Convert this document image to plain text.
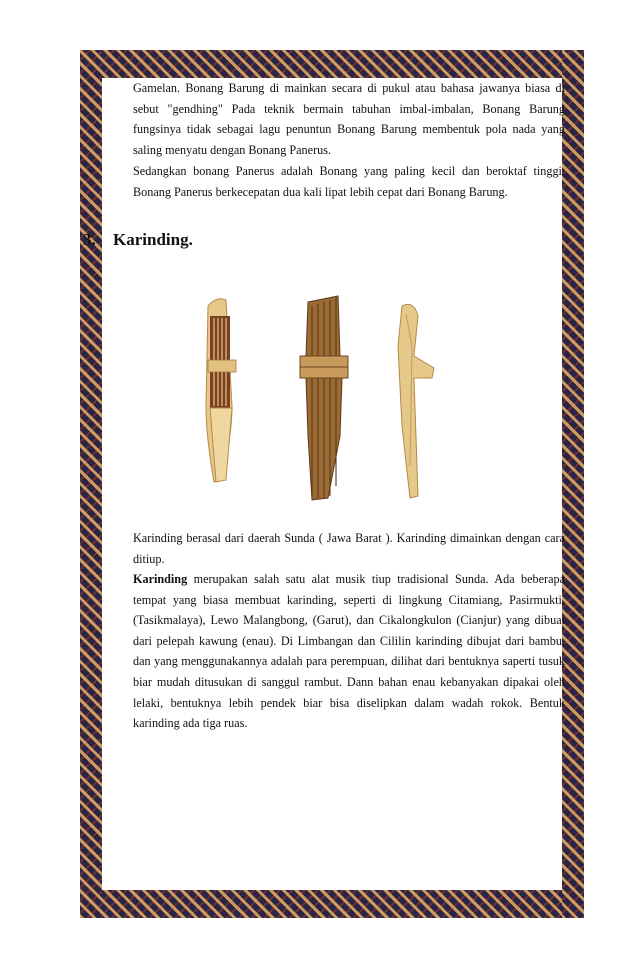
Gamelan. Bonang Barung di mainkan secara di pukul atau bahasa jawanya biasa di sebut "gendhing" Pada teknik bermain tabuhan imbal-imbalan, Bonang Barung fungsinya tidak sebagai lagu penuntun Bonang Barung membentuk pola nada yang saling menyatu dengan Bonang Panerus.

Sedangkan bonang Panerus adalah Bonang yang paling kecil dan beroktaf tinggi. Bonang Panerus berkecepatan dua kali lipat lebih cepat dari Bonang Barung.

3. Karinding.

Karinding berasal dari daerah Sunda ( Jawa Barat ). Karinding dimainkan dengan cara ditiup.

Karinding merupakan salah satu alat musik tiup tradisional Sunda. Ada beberapa tempat yang biasa membuat karinding, seperti di lingkung Citamiang, Pasirmukti, (Tasikmalaya), Lewo Malangbong, (Garut), dan Cikalongkulon (Cianjur) yang dibuat dari pelepah kawung (enau). Di Limbangan dan Cililin karinding dibujat dari bambu, dan yang menggunakannya adalah para perempuan, dilihat dari bentuknya saperti tusuk biar mudah ditusukan di sanggul rambut. Dann bahan enau kebanyakan dipakai oleh lelaki, bentuknya lebih pendek biar bisa diselipkan dalam wadah rokok. Bentuk karinding ada tiga ruas.
